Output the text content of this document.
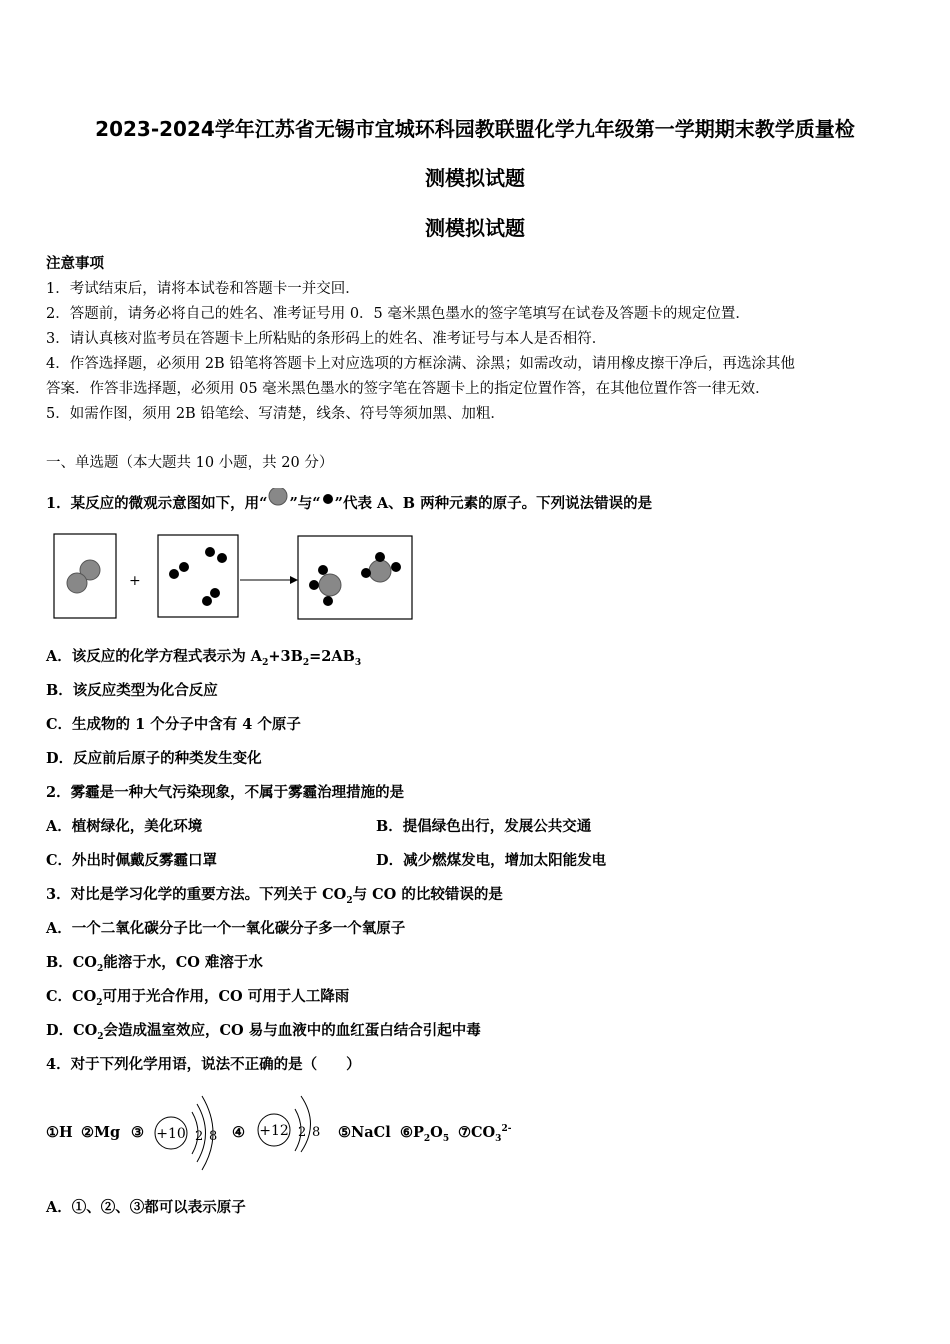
2023-2024学年江苏省无锡市宜城环科园教联盟化学九年级第一学期期末教学质量检
测模拟试题
测模拟试题
注意事项
1．考试结束后，请将本试卷和答题卡一并交回．
2．答题前，请务必将自己的姓名、准考证号用 0．5 毫米黑色墨水的签字笔填写在试卷及答题卡的规定位置．
3．请认真核对监考员在答题卡上所粘贴的条形码上的姓名、准考证号与本人是否相符．
4．作答选择题，必须用 2B 铅笔将答题卡上对应选项的方框涂满、涂黑；如需改动，请用橡皮擦干净后，再选涂其他
答案．作答非选择题，必须用 05 毫米黑色墨水的签字笔在答题卡上的指定位置作答，在其他位置作答一律无效．
5．如需作图，须用 2B 铅笔绘、写清楚，线条、符号等须加黑、加粗．
一、单选题（本大题共 10 小题，共 20 分）
1．某反应的微观示意图如下，用“ ”与“ ”代表 A、B 两种元素的原子。下列说法错误的是
+
A．该反应的化学方程式表示为 $A_2+3B_2=2AB_3$
B．该反应类型为化合反应
C．生成物的 1 个分子中含有 4 个原子
D．反应前后原子的种类发生变化
2．雾霾是一种大气污染现象，不属于雾霾治理措施的是
A．植树绿化，美化环境	B．提倡绿色出行，发展公共交通
C．外出时佩戴反雾霾口罩	D．减少燃煤发电，增加太阳能发电
3．对比是学习化学的重要方法。下列关于 $CO_2$与 CO 的比较错误的是
A．一个二氧化碳分子比一个一氧化碳分子多一个氧原子
B．$CO_2$能溶于水，CO 难溶于水
C．$CO_2$可用于光合作用，CO 可用于人工降雨
D．$CO_2$会造成温室效应，CO 易与血液中的血红蛋白结合引起中毒
4．对于下列化学用语，说法不正确的是（　　）
①H ②Mg ③ +10 2 8 ④ +12 2 8 ⑤NaCl $⑥P_2O_5$ $⑦CO_3^{2-}$
A．①、②、③都可以表示原子
